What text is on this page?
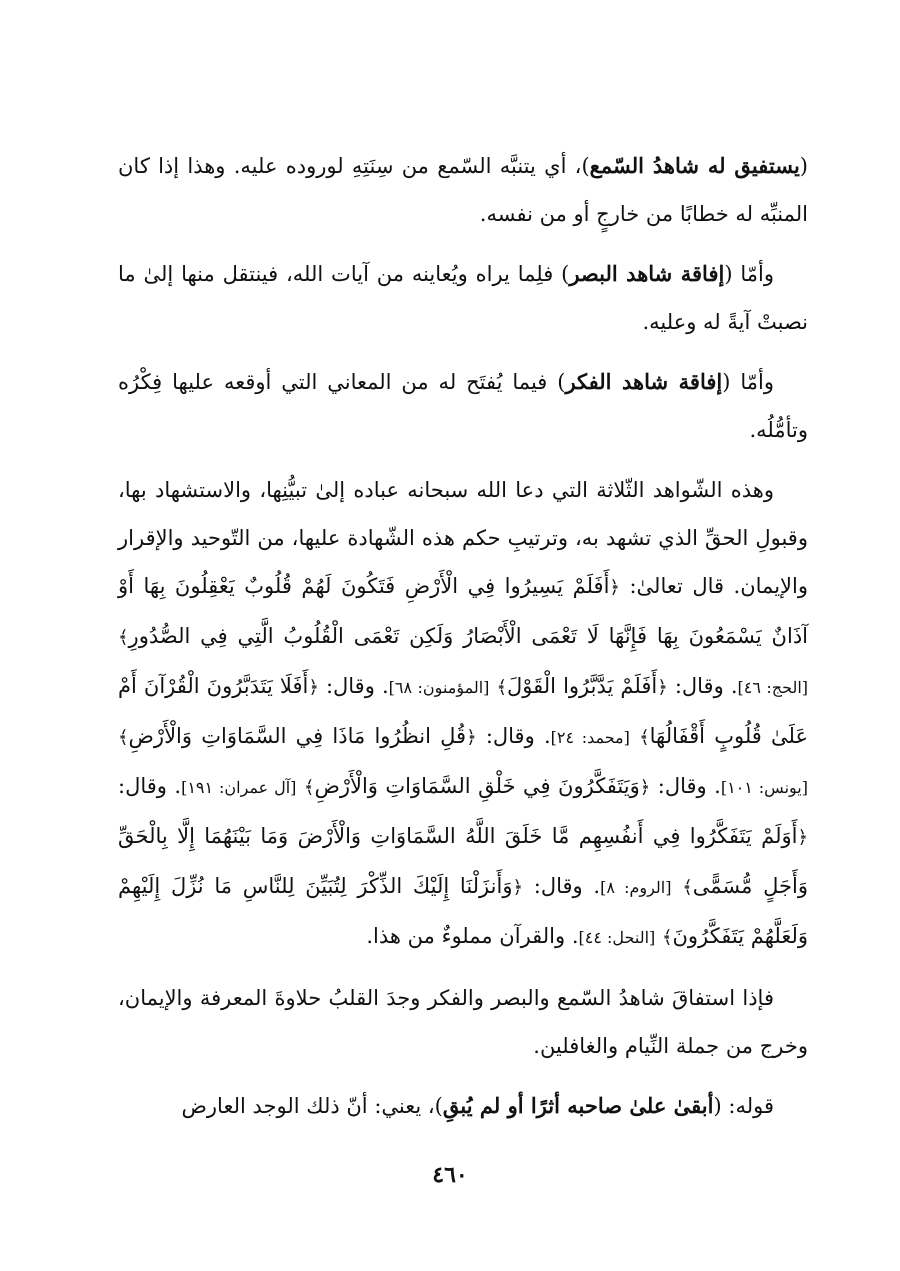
(يستفيق له شاهدُ السّمع)، أي يتنبَّه السّمع من سِنَتِهِ لوروده عليه. وهذا إذا كان المنبِّه له خطابًا من خارجٍ أو من نفسه.

وأمّا (إفاقة شاهد البصر) فلِما يراه ويُعاينه من آيات الله، فينتقل منها إلىٰ ما نصبتْ آيةً له وعليه.

وأمّا (إفاقة شاهد الفكر) فيما يُفتَح له من المعاني التي أوقعه عليها فِكْرُه وتأمُّلُه.

وهذه الشّواهد الثّلاثة التي دعا الله سبحانه عباده إلىٰ تبيُّنِها، والاستشهاد بها، وقبولِ الحقِّ الذي تشهد به، وترتيبِ حكم هذه الشّهادة عليها، من التّوحيد والإقرار والإيمان. قال تعالىٰ: ﴿أَفَلَمْ يَسِيرُوا فِي الْأَرْضِ فَتَكُونَ لَهُمْ قُلُوبٌ يَعْقِلُونَ بِهَا أَوْ آذَانٌ يَسْمَعُونَ بِهَا فَإِنَّهَا لَا تَعْمَى الْأَبْصَارُ وَلَكِن تَعْمَى الْقُلُوبُ الَّتِي فِي الصُّدُورِ﴾ [الحج: ٤٦]. وقال: ﴿أَفَلَمْ يَدَّبَّرُوا الْقَوْلَ﴾ [المؤمنون: ٦٨]. وقال: ﴿أَفَلَا يَتَدَبَّرُونَ الْقُرْآنَ أَمْ عَلَىٰ قُلُوبٍ أَقْفَالُهَا﴾ [محمد: ٢٤]. وقال: ﴿قُلِ انظُرُوا مَاذَا فِي السَّمَاوَاتِ وَالْأَرْضِ﴾ [يونس: ١٠١]. وقال: ﴿وَيَتَفَكَّرُونَ فِي خَلْقِ السَّمَاوَاتِ وَالْأَرْضِ﴾ [آل عمران: ١٩١]. وقال: ﴿أَوَلَمْ يَتَفَكَّرُوا فِي أَنفُسِهِم مَّا خَلَقَ اللَّهُ السَّمَاوَاتِ وَالْأَرْضَ وَمَا بَيْنَهُمَا إِلَّا بِالْحَقِّ وَأَجَلٍ مُّسَمًّى﴾ [الروم: ٨]. وقال: ﴿وَأَنزَلْنَا إِلَيْكَ الذِّكْرَ لِتُبَيِّنَ لِلنَّاسِ مَا نُزِّلَ إِلَيْهِمْ وَلَعَلَّهُمْ يَتَفَكَّرُونَ﴾ [النحل: ٤٤]. والقرآن مملوءٌ من هذا.

فإذا استفاقَ شاهدُ السّمع والبصر والفكر وجدَ القلبُ حلاوةَ المعرفة والإيمان، وخرج من جملة النِّيام والغافلين.

قوله: (أبقىٰ علىٰ صاحبه أثرًا أو لم يُبقِ)، يعني: أنّ ذلك الوجد العارض

٤٦٠
